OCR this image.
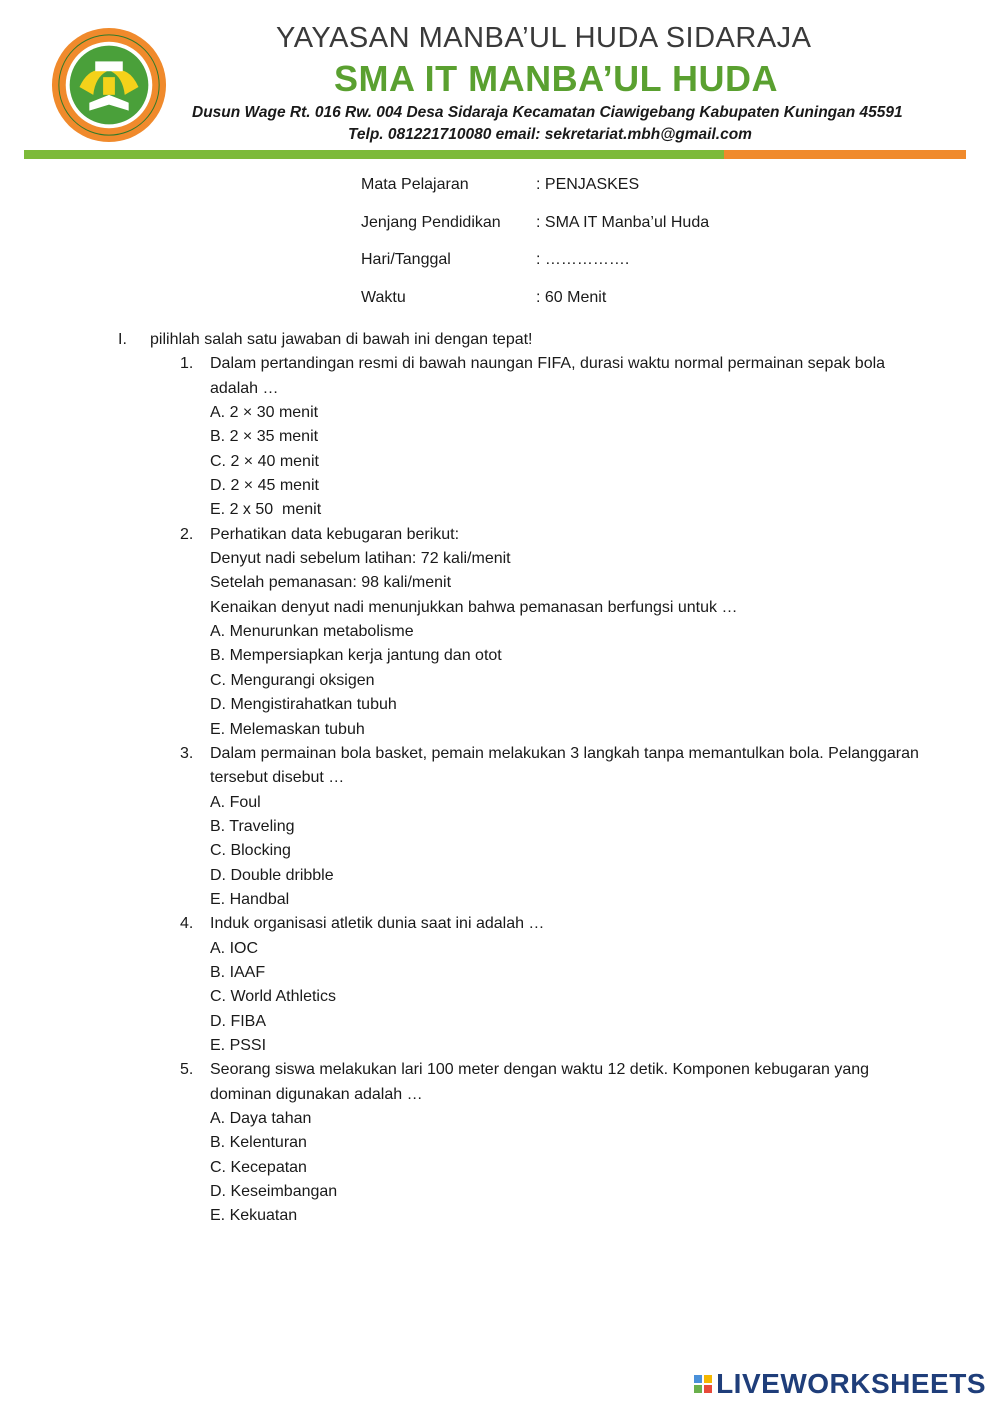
YAYASAN MANBA’UL HUDA SIDARAJA
SMA IT MANBA’UL HUDA
Dusun Wage Rt. 016 Rw. 004 Desa Sidaraja Kecamatan Ciawigebang Kabupaten Kuningan 45591
Telp. 081221710080 email: sekretariat.mbh@gmail.com
Mata Pelajaran	: PENJASKES
Jenjang Pendidikan	: SMA IT Manba’ul Huda
Hari/Tanggal	: …………….
Waktu	: 60 Menit
I.	pilihlah salah satu jawaban di bawah ini dengan tepat!
1.	Dalam pertandingan resmi di bawah naungan FIFA, durasi waktu normal permainan sepak bola
adalah …
A. 2 × 30 menit
B. 2 × 35 menit
C. 2 × 40 menit
D. 2 × 45 menit
E. 2 x 50  menit
2.	Perhatikan data kebugaran berikut:
Denyut nadi sebelum latihan: 72 kali/menit
Setelah pemanasan: 98 kali/menit
Kenaikan denyut nadi menunjukkan bahwa pemanasan berfungsi untuk …
A. Menurunkan metabolisme
B. Mempersiapkan kerja jantung dan otot
C. Mengurangi oksigen
D. Mengistirahatkan tubuh
E. Melemaskan tubuh
3.	Dalam permainan bola basket, pemain melakukan 3 langkah tanpa memantulkan bola. Pelanggaran
tersebut disebut …
A. Foul
B. Traveling
C. Blocking
D. Double dribble
E. Handbal
4.	Induk organisasi atletik dunia saat ini adalah …
A. IOC
B. IAAF
C. World Athletics
D. FIBA
E. PSSI
5.	Seorang siswa melakukan lari 100 meter dengan waktu 12 detik. Komponen kebugaran yang
dominan digunakan adalah …
A. Daya tahan
B. Kelenturan
C. Kecepatan
D. Keseimbangan
E. Kekuatan
LIVEWORKSHEETS
